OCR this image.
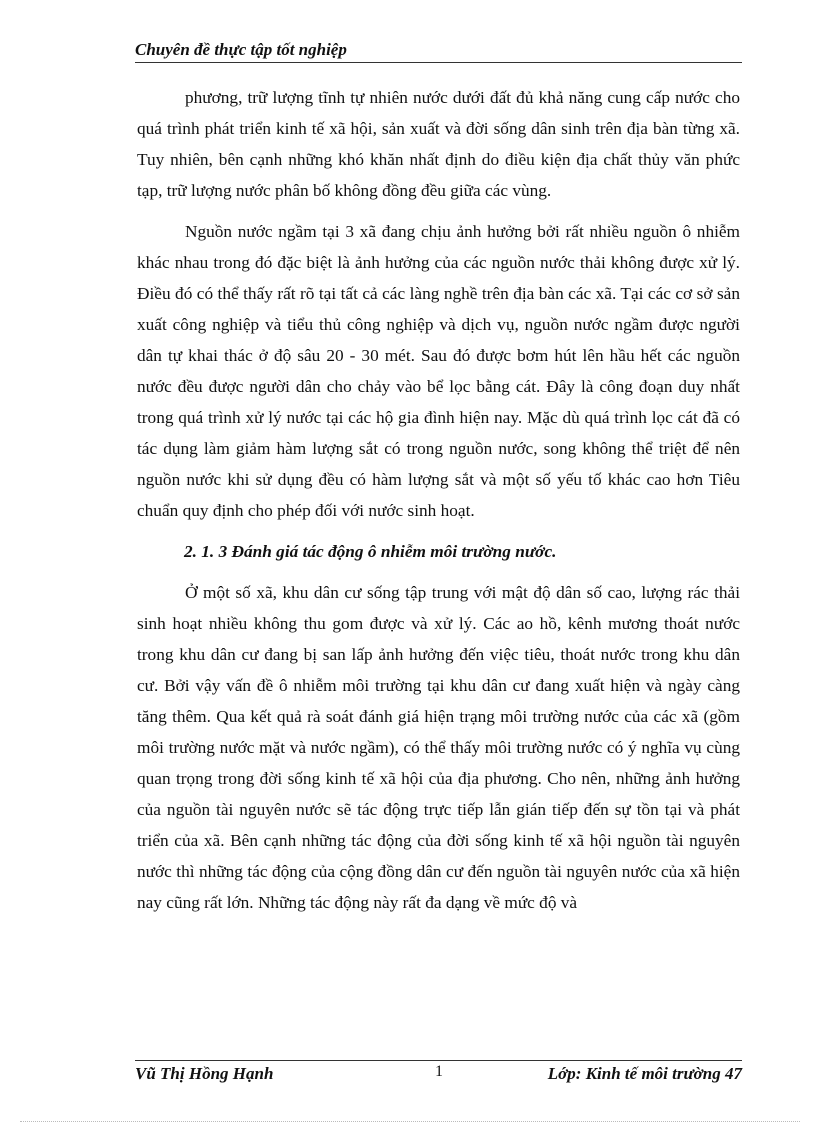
Chuyên đề thực tập tốt nghiệp

phương, trữ lượng tĩnh tự nhiên nước dưới đất đủ khả năng cung cấp nước cho quá trình phát triển kinh tế xã hội, sản xuất và đời sống dân sinh trên địa bàn từng xã. Tuy nhiên, bên cạnh những khó khăn nhất định do điều kiện địa chất thủy văn phức tạp, trữ lượng nước phân bố không đồng đều giữa các vùng.

Nguồn nước ngầm tại 3 xã đang chịu ảnh hưởng bởi rất nhiều nguồn ô nhiễm khác nhau trong đó đặc biệt là ảnh hưởng của các nguồn nước thải không được xử lý. Điều đó có thể thấy rất rõ tại tất cả các làng nghề trên địa bàn các xã. Tại các cơ sở sản xuất công nghiệp và tiểu thủ công nghiệp và dịch vụ, nguồn nước ngầm được người dân tự khai thác ở độ sâu 20 - 30 mét. Sau đó được bơm hút lên hầu hết các nguồn nước đều được người dân cho chảy vào bể lọc bằng cát. Đây là công đoạn duy nhất trong quá trình xử lý nước tại các hộ gia đình hiện nay. Mặc dù quá trình lọc cát đã có tác dụng làm giảm hàm lượng sắt có trong nguồn nước, song không thể triệt để nên nguồn nước khi sử dụng đều có hàm lượng sắt và một số yếu tố khác cao hơn Tiêu chuẩn quy định cho phép đối với nước sinh hoạt.

2. 1. 3 Đánh giá tác động ô nhiễm môi trường nước.

Ở một số xã, khu dân cư sống tập trung với mật độ dân số cao, lượng rác thải sinh hoạt nhiều không thu gom được và xử lý. Các ao hồ, kênh mương thoát nước trong khu dân cư đang bị san lấp ảnh hưởng đến việc tiêu, thoát nước trong khu dân cư. Bởi vậy vấn đề ô nhiễm môi trường tại khu dân cư đang xuất hiện và ngày càng tăng thêm. Qua kết quả rà soát đánh giá hiện trạng môi trường nước của các xã (gồm môi trường nước mặt và nước ngầm), có thể thấy môi trường nước có ý nghĩa vụ cùng quan trọng trong đời sống kinh tế xã hội của địa phương. Cho nên, những ảnh hưởng của nguồn tài nguyên nước sẽ tác động trực tiếp lẫn gián tiếp đến sự tồn tại và phát triển của xã. Bên cạnh những tác động của đời sống kinh tế xã hội nguồn tài nguyên nước thì những tác động của cộng đồng dân cư đến nguồn tài nguyên nước của xã hiện nay cũng rất lớn. Những tác động này rất đa dạng về mức độ và

Vũ Thị Hồng Hạnh	1	Lớp: Kinh tế môi trường 47
